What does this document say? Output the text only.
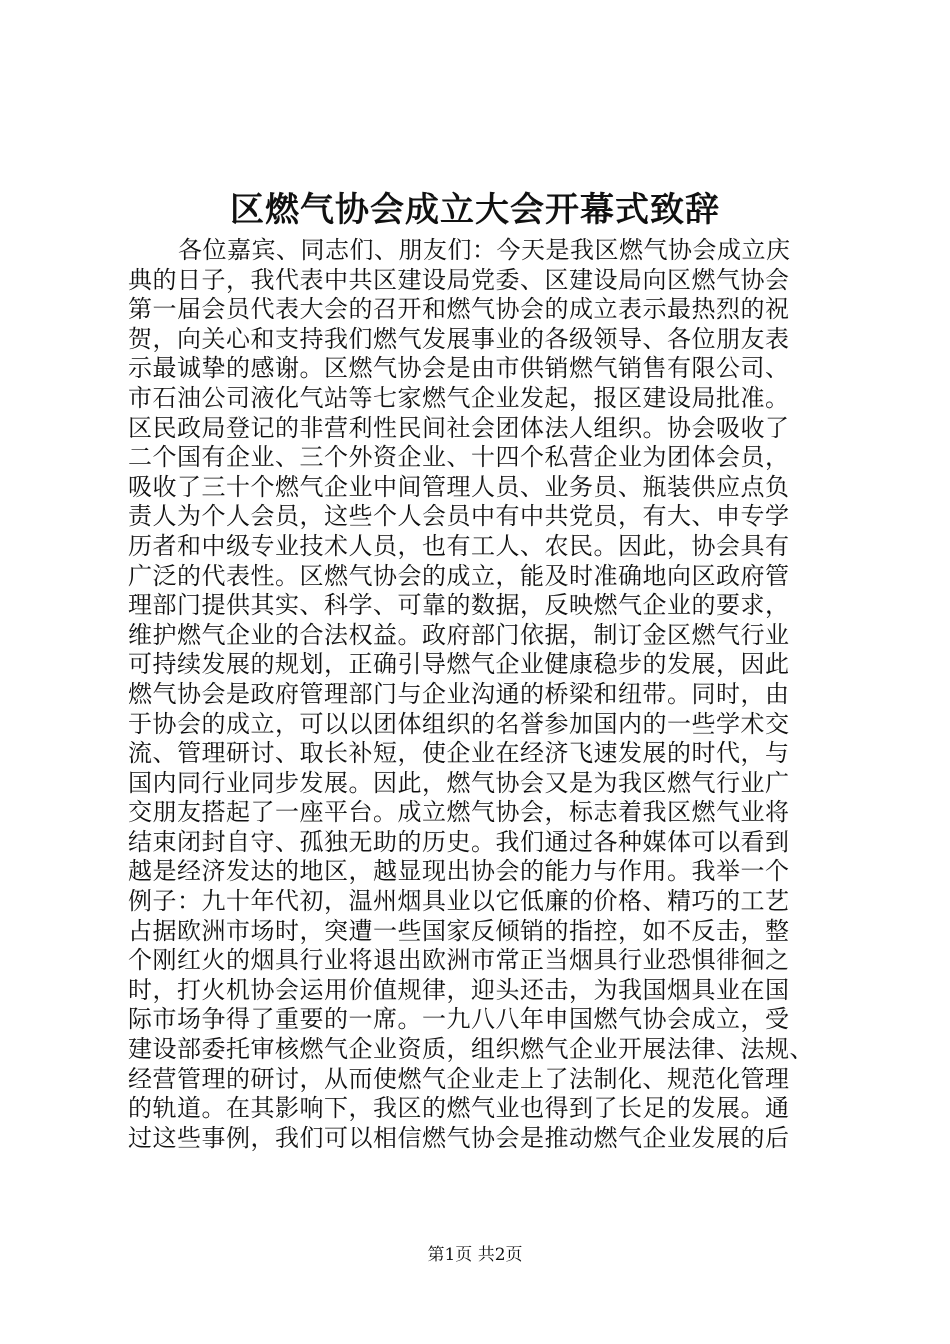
区燃气协会成立大会开幕式致辞
各位嘉宾、同志们、朋友们：今天是我区燃气协会成立庆
典的日子，我代表中共区建设局党委、区建设局向区燃气协会
第一届会员代表大会的召开和燃气协会的成立表示最热烈的祝
贺，向关心和支持我们燃气发展事业的各级领导、各位朋友表
示最诚挚的感谢。区燃气协会是由市供销燃气销售有限公司、
市石油公司液化气站等七家燃气企业发起，报区建设局批准。
区民政局登记的非营利性民间社会团体法人组织。协会吸收了
二个国有企业、三个外资企业、十四个私营企业为团体会员，
吸收了三十个燃气企业中间管理人员、业务员、瓶装供应点负
责人为个人会员，这些个人会员中有中共党员，有大、申专学
历者和中级专业技术人员，也有工人、农民。因此，协会具有
广泛的代表性。区燃气协会的成立，能及时准确地向区政府管
理部门提供其实、科学、可靠的数据，反映燃气企业的要求，
维护燃气企业的合法权益。政府部门依据，制订金区燃气行业
可持续发展的规划，正确引导燃气企业健康稳步的发展，因此
燃气协会是政府管理部门与企业沟通的桥梁和纽带。同时，由
于协会的成立，可以以团体组织的名誉参加国内的一些学术交
流、管理研讨、取长补短，使企业在经济飞速发展的时代，与
国内同行业同步发展。因此，燃气协会又是为我区燃气行业广
交朋友搭起了一座平台。成立燃气协会，标志着我区燃气业将
结束闭封自守、孤独无助的历史。我们通过各种媒体可以看到
越是经济发达的地区，越显现出协会的能力与作用。我举一个
例子：九十年代初，温州烟具业以它低廉的价格、精巧的工艺
占据欧洲市场时，突遭一些国家反倾销的指控，如不反击，整
个刚红火的烟具行业将退出欧洲市常正当烟具行业恐惧徘徊之
时，打火机协会运用价值规律，迎头还击，为我国烟具业在国
际市场争得了重要的一席。一九八八年申国燃气协会成立，受
建设部委托审核燃气企业资质，组织燃气企业开展法律、法规、
经营管理的研讨，从而使燃气企业走上了法制化、规范化管理
的轨道。在其影响下，我区的燃气业也得到了长足的发展。通
过这些事例，我们可以相信燃气协会是推动燃气企业发展的后
第1页 共2页
